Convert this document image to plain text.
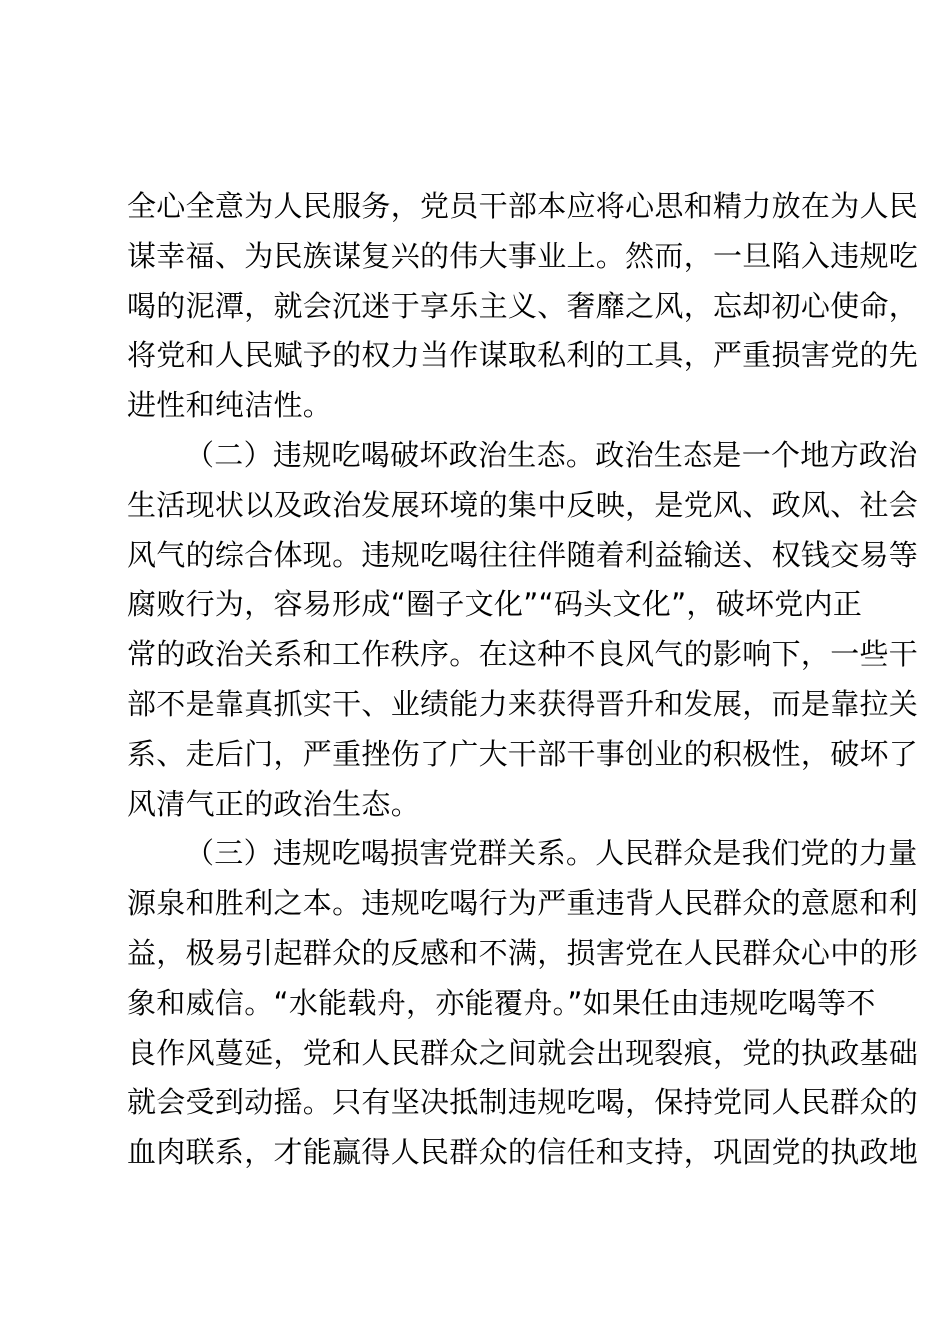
全心全意为人民服务，党员干部本应将心思和精力放在为人民
谋幸福、为民族谋复兴的伟大事业上。然而，一旦陷入违规吃
喝的泥潭，就会沉迷于享乐主义、奢靡之风，忘却初心使命，
将党和人民赋予的权力当作谋取私利的工具，严重损害党的先
进性和纯洁性。
（二）违规吃喝破坏政治生态。政治生态是一个地方政治
生活现状以及政治发展环境的集中反映，是党风、政风、社会
风气的综合体现。违规吃喝往往伴随着利益输送、权钱交易等
腐败行为，容易形成“圈子文化”“码头文化”，破坏党内正
常的政治关系和工作秩序。在这种不良风气的影响下，一些干
部不是靠真抓实干、业绩能力来获得晋升和发展，而是靠拉关
系、走后门，严重挫伤了广大干部干事创业的积极性，破坏了
风清气正的政治生态。
（三）违规吃喝损害党群关系。人民群众是我们党的力量
源泉和胜利之本。违规吃喝行为严重违背人民群众的意愿和利
益，极易引起群众的反感和不满，损害党在人民群众心中的形
象和威信。“水能载舟，亦能覆舟。”如果任由违规吃喝等不
良作风蔓延，党和人民群众之间就会出现裂痕，党的执政基础
就会受到动摇。只有坚决抵制违规吃喝，保持党同人民群众的
血肉联系，才能赢得人民群众的信任和支持，巩固党的执政地
